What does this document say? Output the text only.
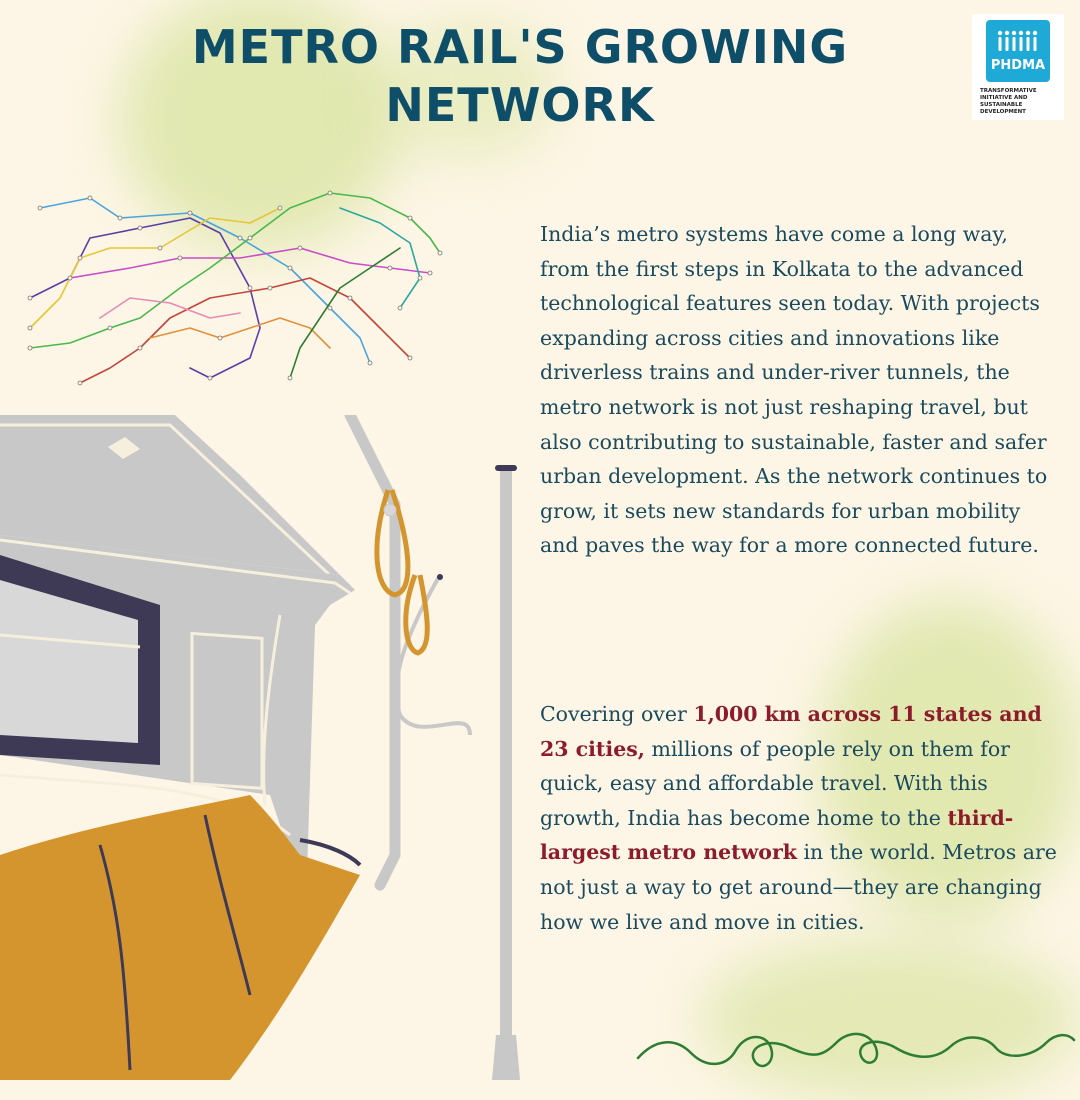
METRO RAIL'S GROWING NETWORK
PHDMA
TRANSFORMATIVE INITIATIVE AND SUSTAINABLE DEVELOPMENT

India’s metro systems have come a long way, from the first steps in Kolkata to the advanced technological features seen today. With projects expanding across cities and innovations like driverless trains and under-river tunnels, the metro network is not just reshaping travel, but also contributing to sustainable, faster and safer urban development. As the network continues to grow, it sets new standards for urban mobility and paves the way for a more connected future.

Covering over 1,000 km across 11 states and 23 cities, millions of people rely on them for quick, easy and affordable travel. With this growth, India has become home to the third-largest metro network in the world. Metros are not just a way to get around—they are changing how we live and move in cities.
